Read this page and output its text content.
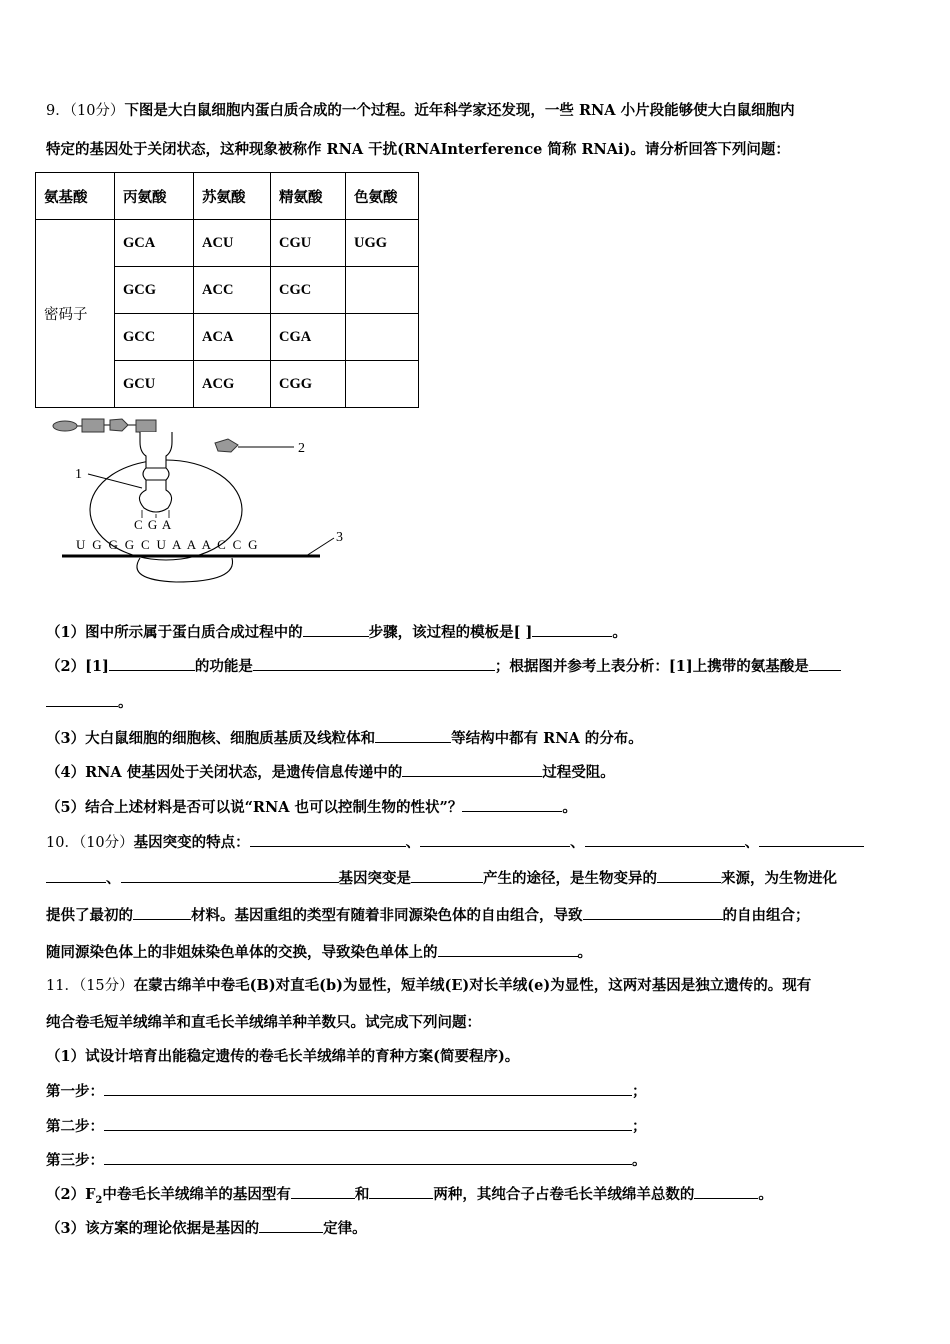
9．（10分）下图是大白鼠细胞内蛋白质合成的一个过程。近年科学家还发现，一些 RNA 小片段能够使大白鼠细胞内
特定的基因处于关闭状态，这种现象被称作 RNA 干扰(RNAInterference 简称 RNAi)。请分析回答下列问题：
氨基酸	丙氨酸	苏氨酸	精氨酸	色氨酸
密码子	GCA	ACU	CGU	UGG
	GCG	ACC	CGC	
	GCC	ACA	CGA	
	GCU	ACG	CGG	
2
1
C G A
U G G G C U A A A C C G	3
（1）图中所示属于蛋白质合成过程中的	步骤，该过程的模板是[ ]	。
（2）[1]	的功能是	；根据图并参考上表分析：[1]上携带的氨基酸是
。
（3）大白鼠细胞的细胞核、细胞质基质及线粒体和	等结构中都有 RNA 的分布。
（4）RNA 使基因处于关闭状态，是遗传信息传递中的	过程受阻。
（5）结合上述材料是否可以说“RNA 也可以控制生物的性状”？	。
10．（10分）基因突变的特点：	、	、	、
、	基因突变是	产生的途径，是生物变异的	来源，为生物进化
提供了最初的	材料。基因重组的类型有随着非同源染色体的自由组合，导致	的自由组合；
随同源染色体上的非姐妹染色单体的交换，导致染色单体上的	。
11．（15分）在蒙古绵羊中卷毛(B)对直毛(b)为显性，短羊绒(E)对长羊绒(e)为显性，这两对基因是独立遗传的。现有
纯合卷毛短羊绒绵羊和直毛长羊绒绵羊种羊数只。试完成下列问题：
（1）试设计培育出能稳定遗传的卷毛长羊绒绵羊的育种方案(简要程序)。
第一步：	；
第二步：	；
第三步：	。
$(2)F_2$中卷毛长羊绒绵羊的基因型有	和	两种，其纯合子占卷毛长羊绒绵羊总数的	。
（3）该方案的理论依据是基因的	定律。
